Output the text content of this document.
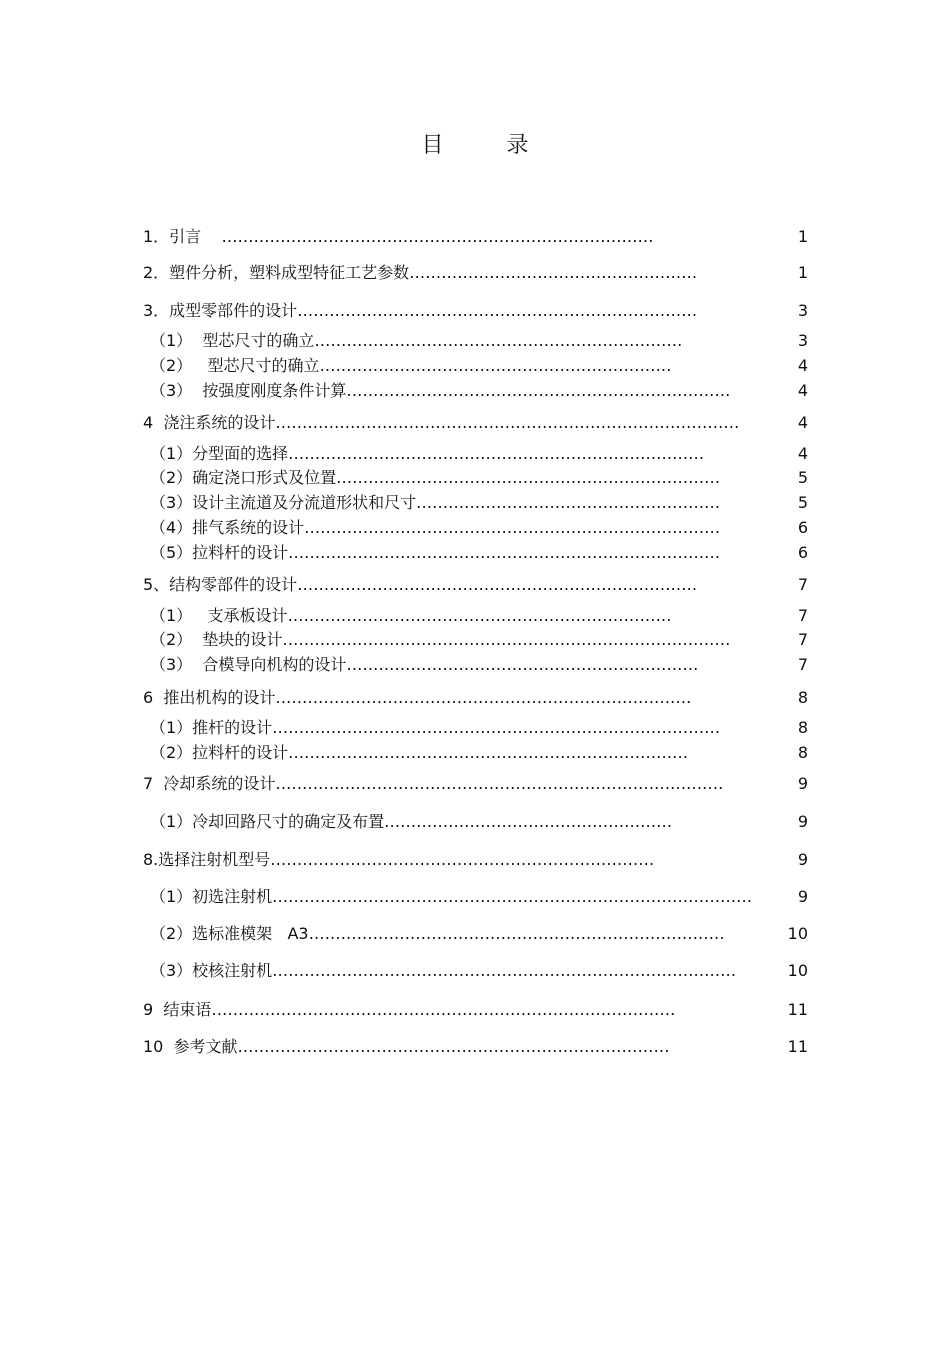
目 录
1．引言    ………………………………………………………………………	1
2．塑件分析，塑料成型特征工艺参数………………………………………………	1
3．成型零部件的设计…………………………………………………………………	3
（1）  型芯尺寸的确立……………………………………………………………	3
（2）   型芯尺寸的确立…………………………………………………………	4
（3）  按强度刚度条件计算………………………………………………………………	4
4  浇注系统的设计……………………………………………………………………………	4
（1）分型面的选择……………………………………………………………………	4
（2）确定浇口形式及位置………………………………………………………………	5
（3）设计主流道及分流道形状和尺寸…………………………………………………	5
（4）排气系统的设计……………………………………………………………………	6
（5）拉料杆的设计………………………………………………………………………	6
5、结构零部件的设计…………………………………………………………………	7
（1）   支承板设计………………………………………………………………	7
（2）  垫块的设计…………………………………………………………………………	7
（3）  合模导向机构的设计…………………………………………………………	7
6  推出机构的设计……………………………………………………………………	8
（1）推杆的设计…………………………………………………………………………	8
（2）拉料杆的设计…………………………………………………………………	8
7  冷却系统的设计…………………………………………………………………………	9
（1）冷却回路尺寸的确定及布置………………………………………………	9
8.选择注射机型号………………………………………………………………	9
（1）初选注射机………………………………………………………………………………	9
（2）选标准模架   A3……………………………………………………………………	10
（3）校核注射机……………………………………………………………………………	10
9  结束语……………………………………………………………………………	11
10  参考文献………………………………………………………………………	11
